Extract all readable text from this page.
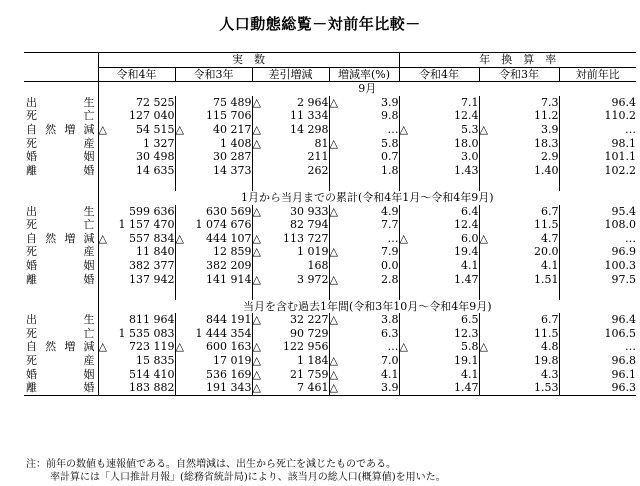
人口動態総覧－対前年比較－
	実　数				年　換　算　率		
	令和4年	令和3年	差引増減	増減率(%)	令和4年	令和3年	対前年比
	9月						

出 生	72 525	75 489	△ 2 964	△ 3.9	7.1	7.3	96.4

死 亡	127 040	115 706	11 334	9.8	12.4	11.2	110.2

自 然 増 減	△ 54 515	△ 40 217	△ 14 298	…	△ 5.3	△ 3.9	…

死 産	1 327	1 408	△ 81	△ 5.8	18.0	18.3	98.1

婚 姻	30 498	30 287	211	0.7	3.0	2.9	101.1

離 婚	14 635	14 373	262	1.8	1.43	1.40	102.2

	1月から当月までの累計(令和4年1月～令和4年9月)						

出 生	599 636	630 569	△ 30 933	△ 4.9	6.4	6.7	95.4

死 亡	1 157 470	1 074 676	82 794	7.7	12.4	11.5	108.0

自 然 増 減	△ 557 834	△ 444 107	△ 113 727	…	△ 6.0	△ 4.7	…

死 産	11 840	12 859	△ 1 019	△ 7.9	19.4	20.0	96.9

婚 姻	382 377	382 209	168	0.0	4.1	4.1	100.3

離 婚	137 942	141 914	△ 3 972	△ 2.8	1.47	1.51	97.5

	当月を含む過去1年間(令和3年10月～令和4年9月)						

出 生	811 964	844 191	△ 32 227	△ 3.8	6.5	6.7	96.4

死 亡	1 535 083	1 444 354	90 729	6.3	12.3	11.5	106.5

自 然 増 減	△ 723 119	△ 600 163	△ 122 956	…	△ 5.8	△ 4.8	…

死 産	15 835	17 019	△ 1 184	△ 7.0	19.1	19.8	96.8

婚 姻	514 410	536 169	△ 21 759	△ 4.1	4.1	4.3	96.1

離 婚	183 882	191 343	△ 7 461	△ 3.9	1.47	1.53	96.3
注：前年の数値も速報値である。自然増減は、出生から死亡を減じたものである。
率計算には「人口推計月報」(総務省統計局)により、該当月の総人口(概算値)を用いた。
